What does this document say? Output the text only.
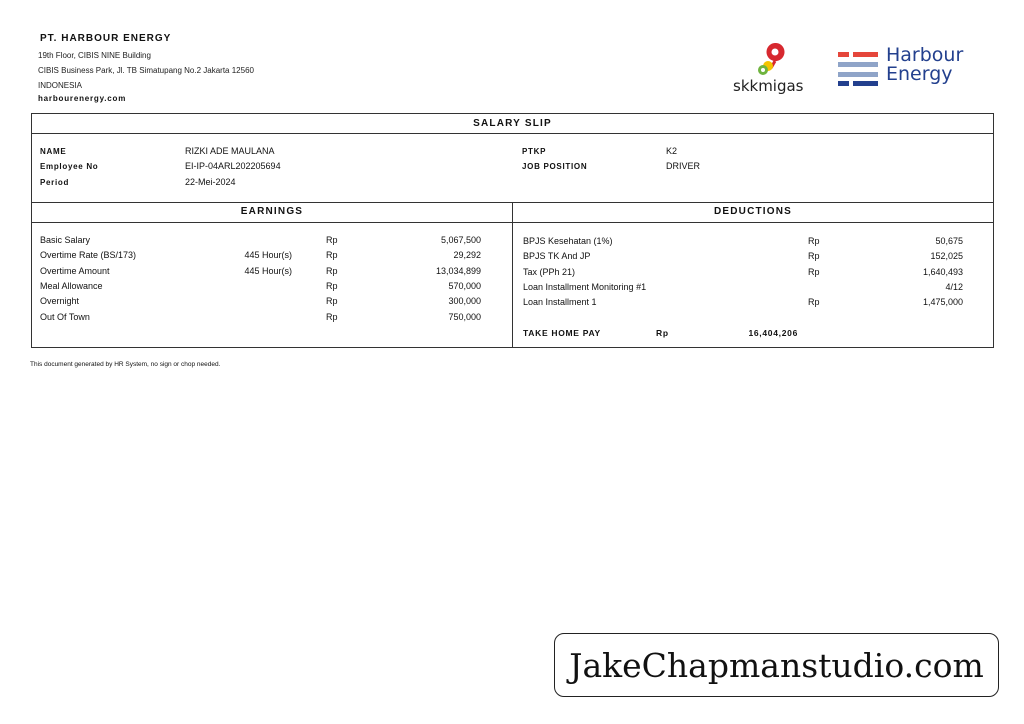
PT. HARBOUR ENERGY
19th Floor, CIBIS NINE Building
CIBIS Business Park, Jl. TB Simatupang No.2 Jakarta 12560
INDONESIA
harbourenergy.com
skkmigas
Harbour
Energy
SALARY SLIP
NAME	RIZKI ADE MAULANA
Employee No	EI-IP-04ARL202205694
Period	22-Mei-2024
PTKP	K2
JOB POSITION	DRIVER
EARNINGS	DEDUCTIONS
Basic Salary	Rp	5,067,500
Overtime Rate (BS/173)	445 Hour(s)	Rp	29,292
Overtime Amount	445 Hour(s)	Rp	13,034,899
Meal Allowance	Rp	570,000
Overnight	Rp	300,000
Out Of Town	Rp	750,000
BPJS Kesehatan (1%)	Rp	50,675
BPJS TK And JP	Rp	152,025
Tax (PPh 21)	Rp	1,640,493
Loan Installment Monitoring #1	4/12
Loan Installment 1	Rp	1,475,000
TAKE HOME PAY	Rp	16,404,206
This document generated by HR System, no sign or chop needed.
JakeChapmanstudio.com
